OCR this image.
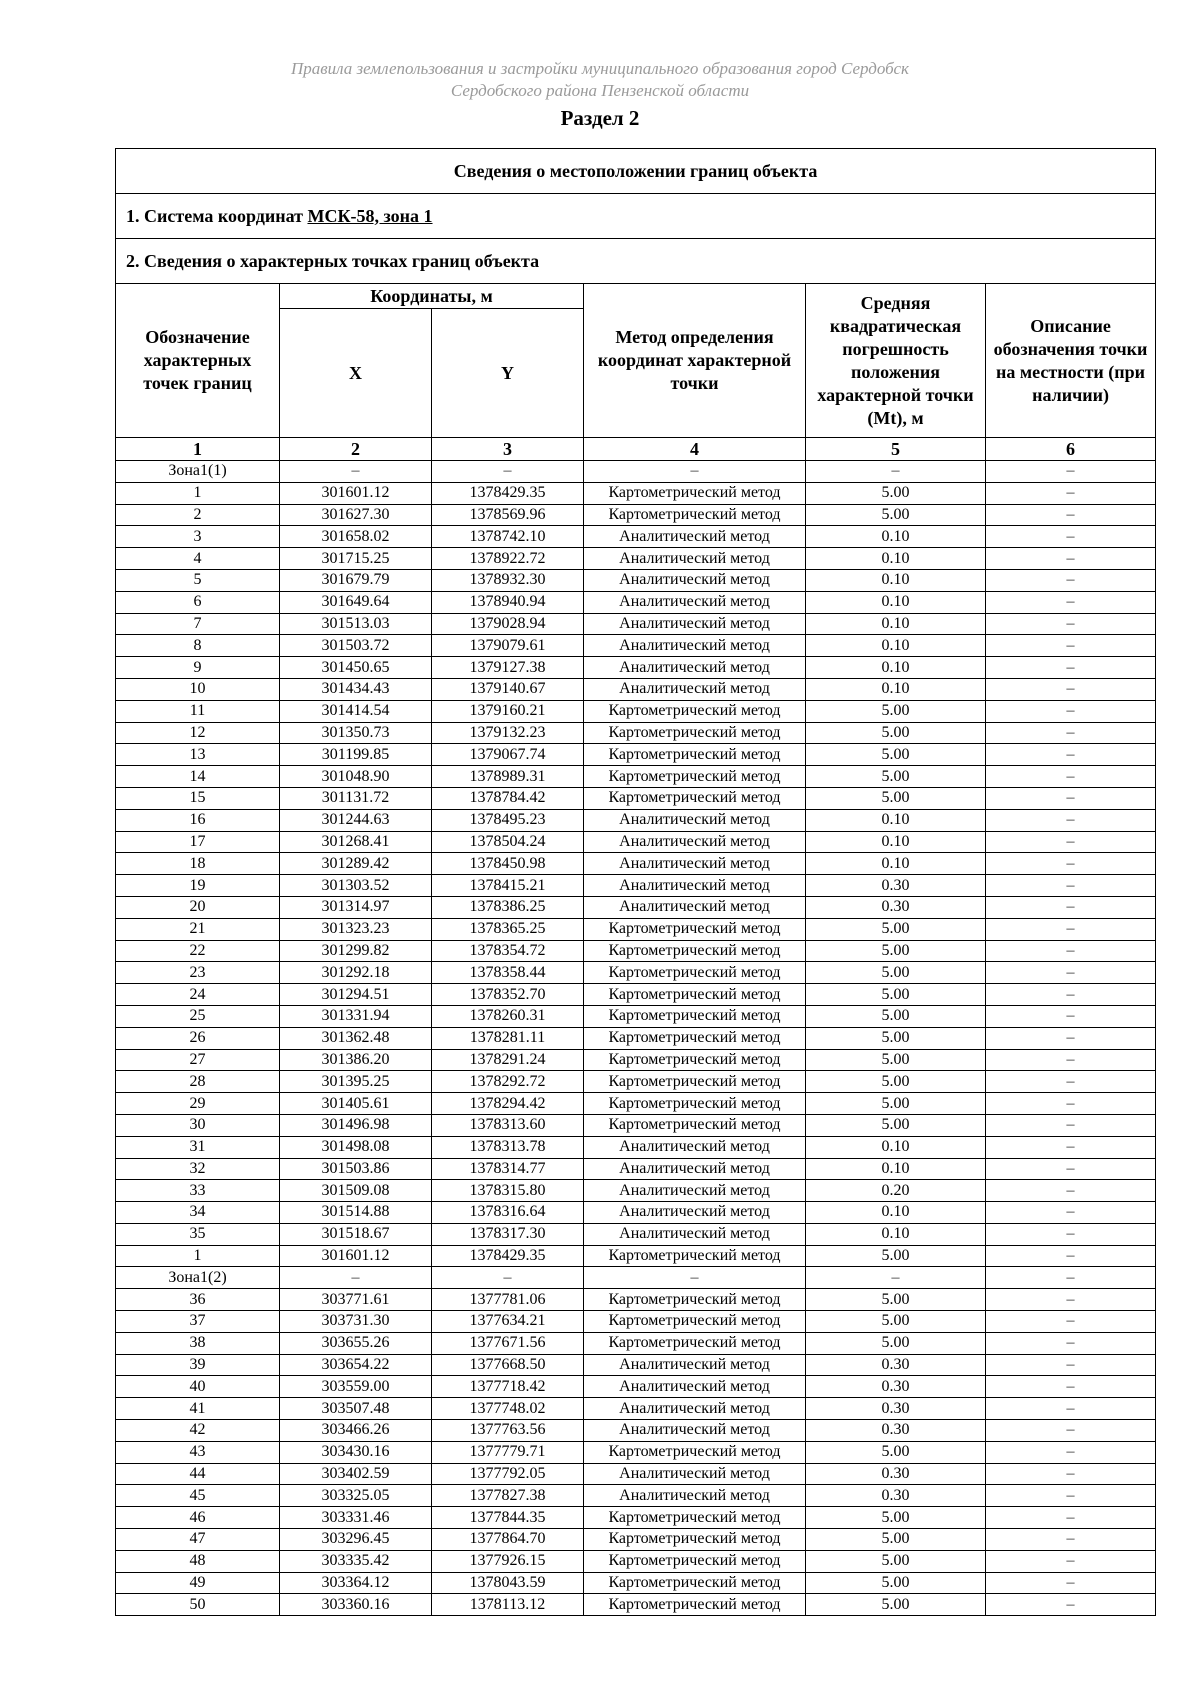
Правила землепользования и застройки муниципального образования город Сердобск
Сердобского района Пензенской области
Раздел 2
Сведения о местоположении границ объекта					
1. Система координат МСК-58, зона 1					
2. Сведения о характерных точках границ объекта					
Обозначение характерных точек границ	Координаты, м		Метод определения координат характерной точки	Средняя квадратическая погрешность положения характерной точки (Mt), м	Описание обозначения точки на местности (при наличии)
	X	Y			
1	2	3	4	5	6
Зона1(1)	–	–	–	–	–
1	301601.12	1378429.35	Картометрический метод	5.00	–
2	301627.30	1378569.96	Картометрический метод	5.00	–
3	301658.02	1378742.10	Аналитический метод	0.10	–
4	301715.25	1378922.72	Аналитический метод	0.10	–
5	301679.79	1378932.30	Аналитический метод	0.10	–
6	301649.64	1378940.94	Аналитический метод	0.10	–
7	301513.03	1379028.94	Аналитический метод	0.10	–
8	301503.72	1379079.61	Аналитический метод	0.10	–
9	301450.65	1379127.38	Аналитический метод	0.10	–
10	301434.43	1379140.67	Аналитический метод	0.10	–
11	301414.54	1379160.21	Картометрический метод	5.00	–
12	301350.73	1379132.23	Картометрический метод	5.00	–
13	301199.85	1379067.74	Картометрический метод	5.00	–
14	301048.90	1378989.31	Картометрический метод	5.00	–
15	301131.72	1378784.42	Картометрический метод	5.00	–
16	301244.63	1378495.23	Аналитический метод	0.10	–
17	301268.41	1378504.24	Аналитический метод	0.10	–
18	301289.42	1378450.98	Аналитический метод	0.10	–
19	301303.52	1378415.21	Аналитический метод	0.30	–
20	301314.97	1378386.25	Аналитический метод	0.30	–
21	301323.23	1378365.25	Картометрический метод	5.00	–
22	301299.82	1378354.72	Картометрический метод	5.00	–
23	301292.18	1378358.44	Картометрический метод	5.00	–
24	301294.51	1378352.70	Картометрический метод	5.00	–
25	301331.94	1378260.31	Картометрический метод	5.00	–
26	301362.48	1378281.11	Картометрический метод	5.00	–
27	301386.20	1378291.24	Картометрический метод	5.00	–
28	301395.25	1378292.72	Картометрический метод	5.00	–
29	301405.61	1378294.42	Картометрический метод	5.00	–
30	301496.98	1378313.60	Картометрический метод	5.00	–
31	301498.08	1378313.78	Аналитический метод	0.10	–
32	301503.86	1378314.77	Аналитический метод	0.10	–
33	301509.08	1378315.80	Аналитический метод	0.20	–
34	301514.88	1378316.64	Аналитический метод	0.10	–
35	301518.67	1378317.30	Аналитический метод	0.10	–
1	301601.12	1378429.35	Картометрический метод	5.00	–
Зона1(2)	–	–	–	–	–
36	303771.61	1377781.06	Картометрический метод	5.00	–
37	303731.30	1377634.21	Картометрический метод	5.00	–
38	303655.26	1377671.56	Картометрический метод	5.00	–
39	303654.22	1377668.50	Аналитический метод	0.30	–
40	303559.00	1377718.42	Аналитический метод	0.30	–
41	303507.48	1377748.02	Аналитический метод	0.30	–
42	303466.26	1377763.56	Аналитический метод	0.30	–
43	303430.16	1377779.71	Картометрический метод	5.00	–
44	303402.59	1377792.05	Аналитический метод	0.30	–
45	303325.05	1377827.38	Аналитический метод	0.30	–
46	303331.46	1377844.35	Картометрический метод	5.00	–
47	303296.45	1377864.70	Картометрический метод	5.00	–
48	303335.42	1377926.15	Картометрический метод	5.00	–
49	303364.12	1378043.59	Картометрический метод	5.00	–
50	303360.16	1378113.12	Картометрический метод	5.00	–
